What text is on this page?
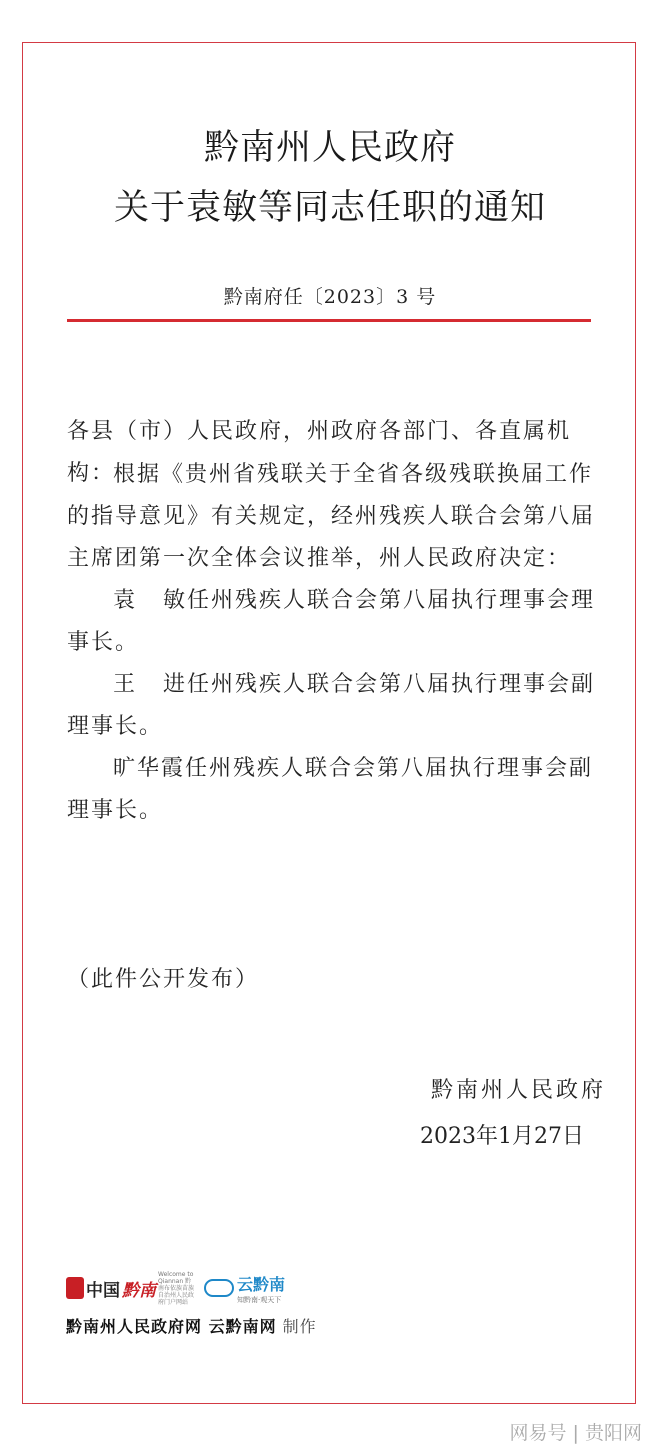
黔南州人民政府
关于袁敏等同志任职的通知
黔南府任〔2023〕3 号
各县（市）人民政府，州政府各部门、各直属机构：

根据《贵州省残联关于全省各级残联换届工作的指导意见》有关规定，经州残疾人联合会第八届主席团第一次全体会议推举，州人民政府决定：

袁 敏任州残疾人联合会第八届执行理事会理事长。

王 进任州残疾人联合会第八届执行理事会副理事长。

旷华霞任州残疾人联合会第八届执行理事会副理事长。

（此件公开发布）
黔南州人民政府
2023年1月27日
中国 黔南
Welcome to Qiannan 黔南布依族苗族自治州人民政府门户网站
云黔南
知黔南·观天下
黔南州人民政府网 云黔南网 制作
网易号 | 贵阳网
